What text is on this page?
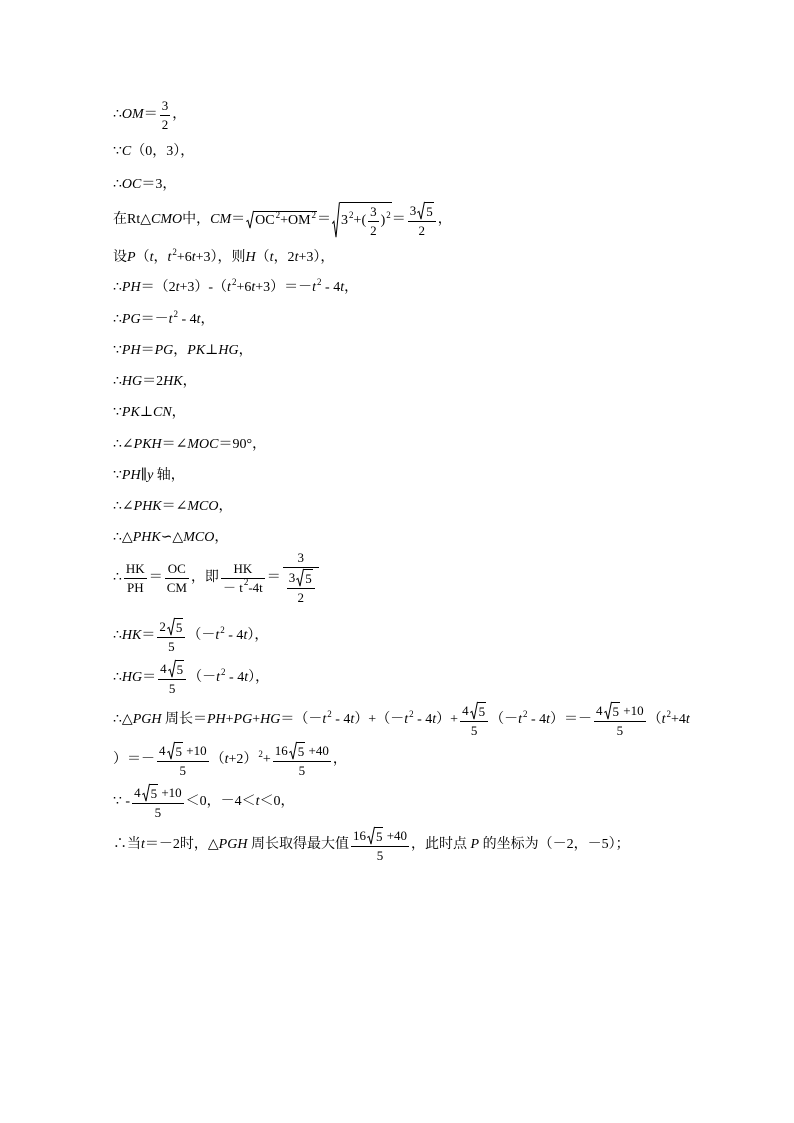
∴ OM ＝ $\frac{3}{2}$ ，
∵ C （0，3），
∴ OC ＝3，
在Rt△ CMO 中， CM ＝ OC 2 +OM 2 ＝ 3 2 +( $\frac{3}{2}$ ) $2 = \frac{3 5}{2}$ ，
设 P （ t ， t 2 +6 t +3），则 H （ t ，2 t +3），
∴ PH ＝（2 t +3）-（ t 2 +6 t +3）＝－ t 2 - 4 t ，
∴ PG ＝－ t 2 - 4 t ，
∵ PH ＝ PG ， PK ⊥ HG ，
∴ HG ＝2 HK ，
∵ PK ⊥ CN ，
∴∠ PKH ＝∠ MOC ＝90°，
∵ PH ∥ y 轴，
∴∠ PHK ＝∠ MCO ，
∴△ PHK ∽△ MCO ，
∴ $\frac{HK}{PH} = \frac{OC}{CM}$ ，即 $\frac{HK}{- t 2 -4t} = \frac{3}{\frac{3 5}{2}}$
∴ HK ＝ $\frac{2 5}{5}$ （－ t 2 - 4 t ），
∴ HG ＝ $\frac{4 5}{5}$ （－ t 2 - 4 t ），
∴△ PGH 周长＝ PH + PG + HG ＝（－ t 2 - 4 t ）+（－ t 2 - 4 t ）+ $\frac{4 5}{5}$ （－ t 2 - 4 t ）＝－ $\frac{4 5 +10}{5}$ （ t 2 +4 t
）＝－ $\frac{4 5 +10}{5}$ （ t +2） $2 + \frac{16 5 +40}{5}$ ，
∵ - $\frac{4 5 +10}{5} <0$，－4＜ t ＜0，
∴当 t ＝－2时，△ PGH 周长取得最大值 $\frac{16 5 +40}{5}$ ，此时点 P 的坐标为（－2，－5）；
